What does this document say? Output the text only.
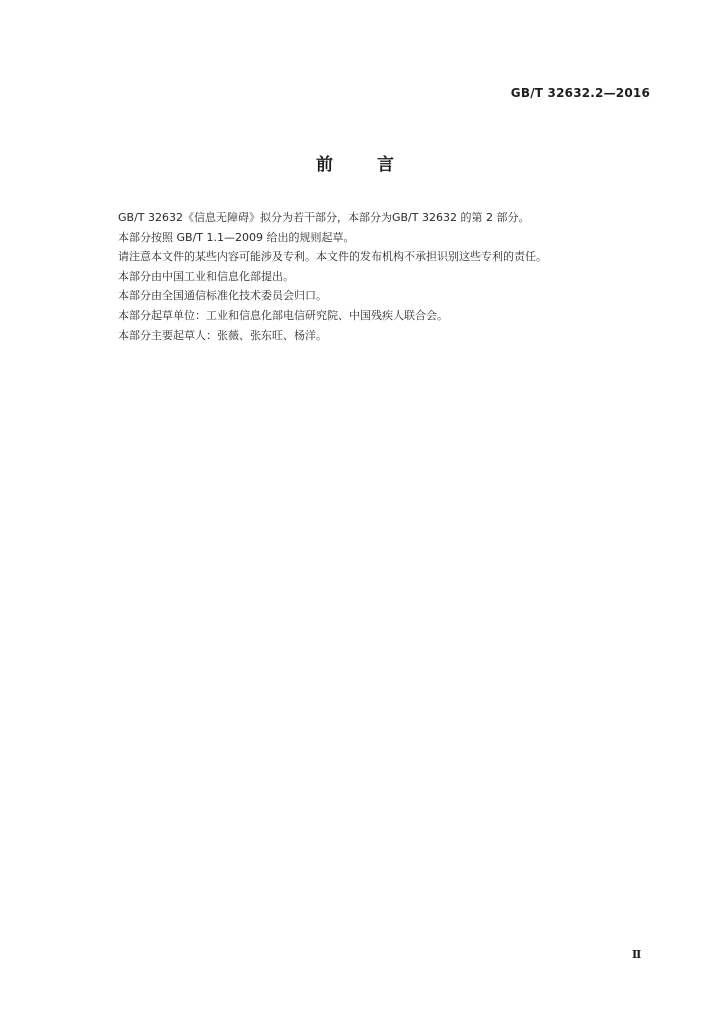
GB/T 32632.2—2016
前言

GB/T 32632《信息无障碍》拟分为若干部分，本部分为GB/T 32632 的第 2 部分。

本部分按照 GB/T 1.1—2009 给出的规则起草。

请注意本文件的某些内容可能涉及专利。本文件的发布机构不承担识别这些专利的责任。

本部分由中国工业和信息化部提出。

本部分由全国通信标准化技术委员会归口。

本部分起草单位：工业和信息化部电信研究院、中国残疾人联合会。

本部分主要起草人：张薇、张东旺、杨洋。

Ⅱ
